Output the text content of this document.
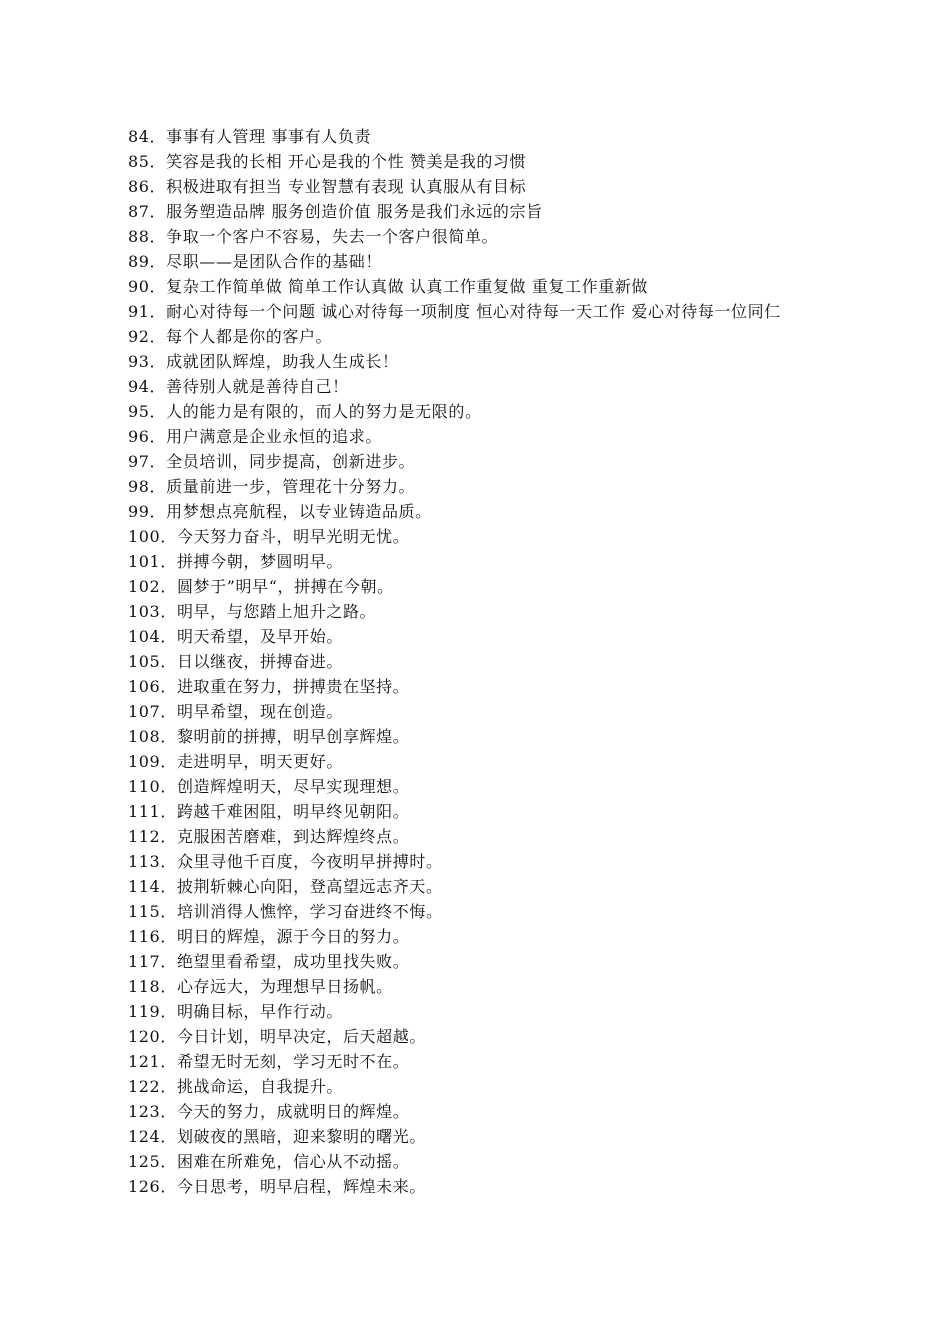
84．事事有人管理 事事有人负责
85．笑容是我的长相 开心是我的个性 赞美是我的习惯
86．积极进取有担当 专业智慧有表现 认真服从有目标
87．服务塑造品牌 服务创造价值 服务是我们永远的宗旨
88．争取一个客户不容易，失去一个客户很简单。
89．尽职——是团队合作的基础！
90．复杂工作简单做 简单工作认真做 认真工作重复做 重复工作重新做
91．耐心对待每一个问题 诚心对待每一项制度 恒心对待每一天工作 爱心对待每一位同仁
92．每个人都是你的客户。
93．成就团队辉煌，助我人生成长！
94．善待别人就是善待自己！
95．人的能力是有限的，而人的努力是无限的。
96．用户满意是企业永恒的追求。
97．全员培训，同步提高，创新进步。
98．质量前进一步，管理花十分努力。
99．用梦想点亮航程，以专业铸造品质。
100．今天努力奋斗，明早光明无忧。
101．拼搏今朝，梦圆明早。
102．圆梦于”明早“，拼搏在今朝。
103．明早，与您踏上旭升之路。
104．明天希望，及早开始。
105．日以继夜，拼搏奋进。
106．进取重在努力，拼搏贵在坚持。
107．明早希望，现在创造。
108．黎明前的拼搏，明早创享辉煌。
109．走进明早，明天更好。
110．创造辉煌明天，尽早实现理想。
111．跨越千难困阻，明早终见朝阳。
112．克服困苦磨难，到达辉煌终点。
113．众里寻他千百度，今夜明早拼搏时。
114．披荆斩棘心向阳，登高望远志齐天。
115．培训消得人憔悴，学习奋进终不悔。
116．明日的辉煌，源于今日的努力。
117．绝望里看希望，成功里找失败。
118．心存远大，为理想早日扬帆。
119．明确目标，早作行动。
120．今日计划，明早决定，后天超越。
121．希望无时无刻，学习无时不在。
122．挑战命运，自我提升。
123．今天的努力，成就明日的辉煌。
124．划破夜的黑暗，迎来黎明的曙光。
125．困难在所难免，信心从不动摇。
126．今日思考，明早启程，辉煌未来。
